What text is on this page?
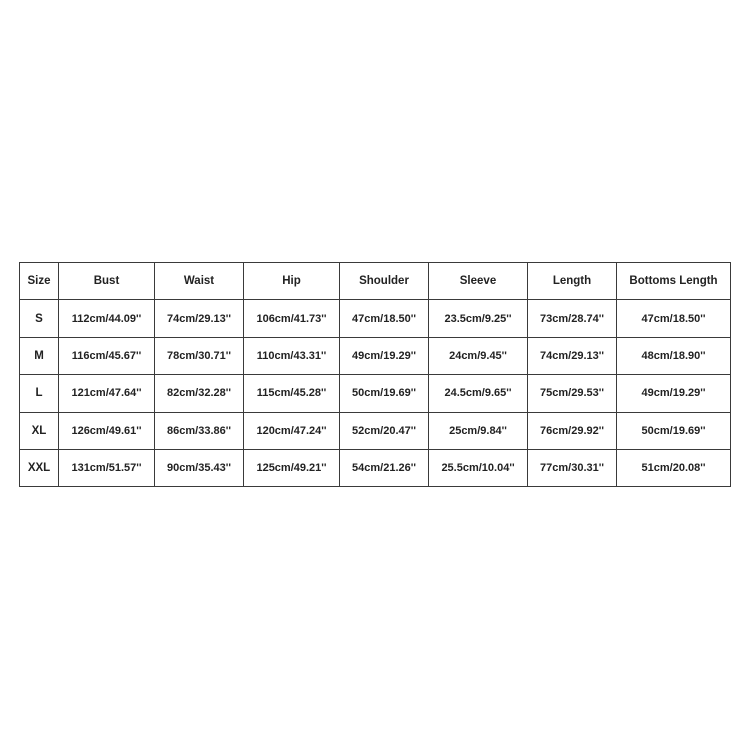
Size	Bust	Waist	Hip	Shoulder	Sleeve	Length	Bottoms Length
S	112cm/44.09''	74cm/29.13''	106cm/41.73''	47cm/18.50''	23.5cm/9.25''	73cm/28.74''	47cm/18.50''
M	116cm/45.67''	78cm/30.71''	110cm/43.31''	49cm/19.29''	24cm/9.45''	74cm/29.13''	48cm/18.90''
L	121cm/47.64''	82cm/32.28''	115cm/45.28''	50cm/19.69''	24.5cm/9.65''	75cm/29.53''	49cm/19.29''
XL	126cm/49.61''	86cm/33.86''	120cm/47.24''	52cm/20.47''	25cm/9.84''	76cm/29.92''	50cm/19.69''
XXL	131cm/51.57''	90cm/35.43''	125cm/49.21''	54cm/21.26''	25.5cm/10.04''	77cm/30.31''	51cm/20.08''
